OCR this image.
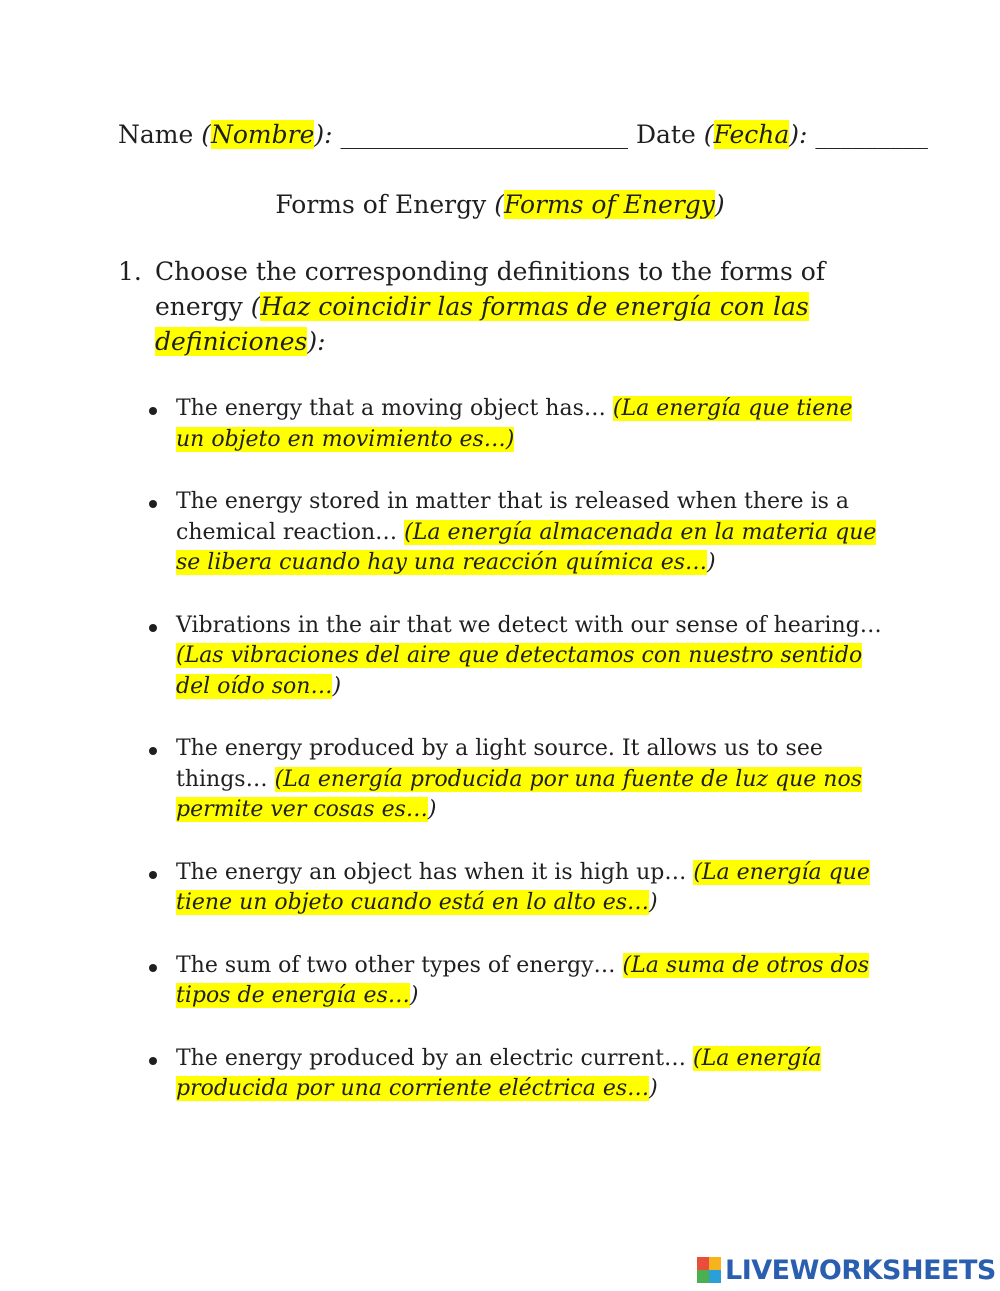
Name (Nombre): _______________________ Date (Fecha): _________
Forms of Energy (Forms of Energy)
1. Choose the corresponding definitions to the forms of energy (Haz coincidir las formas de energía con las definiciones):
The energy that a moving object has… (La energía que tiene un objeto en movimiento es…)
The energy stored in matter that is released when there is a chemical reaction… (La energía almacenada en la materia que se libera cuando hay una reacción química es…)
Vibrations in the air that we detect with our sense of hearing… (Las vibraciones del aire que detectamos con nuestro sentido del oído son…)
The energy produced by a light source. It allows us to see things… (La energía producida por una fuente de luz que nos permite ver cosas es…)
The energy an object has when it is high up… (La energía que tiene un objeto cuando está en lo alto es…)
The sum of two other types of energy… (La suma de otros dos tipos de energía es…)
The energy produced by an electric current… (La energía producida por una corriente eléctrica es…)
LIVEWORKSHEETS
